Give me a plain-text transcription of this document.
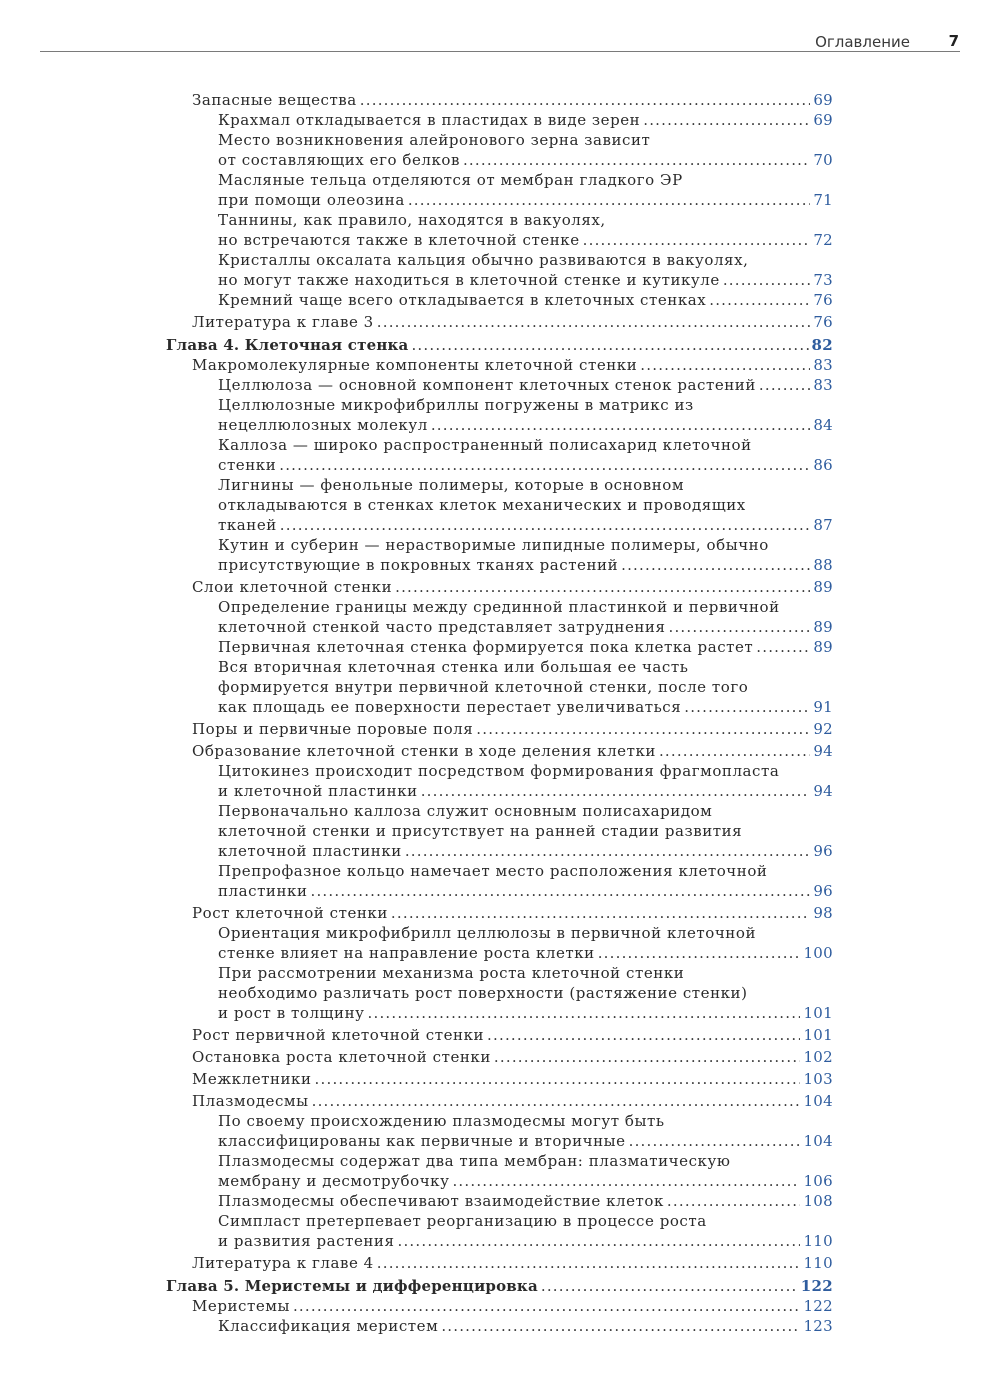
Оглавление	7
Запасные вещества .....	69
Крахмал откладывается в пластидах в виде зерен .....	69
Место возникновения алейронового зерна зависит
от составляющих его белков .....	70
Масляные тельца отделяются от мембран гладкого ЭР
при помощи олеозина .....	71
Таннины, как правило, находятся в вакуолях,
но встречаются также в клеточной стенке .....	72
Кристаллы оксалата кальция обычно развиваются в вакуолях,
но могут также находиться в клеточной стенке и кутикуле .....	73
Кремний чаще всего откладывается в клеточных стенках .....	76
Литература к главе 3 .....	76
Глава 4. Клеточная стенка .....	82
Макромолекулярные компоненты клеточной стенки .....	83
Целлюлоза — основной компонент клеточных стенок растений .....	83
Целлюлозные микрофибриллы погружены в матрикс из
нецеллюлозных молекул .....	84
Каллоза — широко распространенный полисахарид клеточной
стенки .....	86
Лигнины — фенольные полимеры, которые в основном
откладываются в стенках клеток механических и проводящих
тканей .....	87
Кутин и суберин — нерастворимые липидные полимеры, обычно
присутствующие в покровных тканях растений .....	88
Слои клеточной стенки .....	89
Определение границы между срединной пластинкой и первичной
клеточной стенкой часто представляет затруднения .....	89
Первичная клеточная стенка формируется пока клетка растет .....	89
Вся вторичная клеточная стенка или большая ее часть
формируется внутри первичной клеточной стенки, после того
как площадь ее поверхности перестает увеличиваться .....	91
Поры и первичные поровые поля .....	92
Образование клеточной стенки в ходе деления клетки .....	94
Цитокинез происходит посредством формирования фрагмопласта
и клеточной пластинки .....	94
Первоначально каллоза служит основным полисахаридом
клеточной стенки и присутствует на ранней стадии развития
клеточной пластинки .....	96
Препрофазное кольцо намечает место расположения клеточной
пластинки .....	96
Рост клеточной стенки .....	98
Ориентация микрофибрилл целлюлозы в первичной клеточной
стенке влияет на направление роста клетки .....	100
При рассмотрении механизма роста клеточной стенки
необходимо различать рост поверхности (растяжение стенки)
и рост в толщину .....	101
Рост первичной клеточной стенки .....	101
Остановка роста клеточной стенки .....	102
Межклетники .....	103
Плазмодесмы .....	104
По своему происхождению плазмодесмы могут быть
классифицированы как первичные и вторичные .....	104
Плазмодесмы содержат два типа мембран: плазматическую
мембрану и десмотрубочку .....	106
Плазмодесмы обеспечивают взаимодействие клеток .....	108
Симпласт претерпевает реорганизацию в процессе роста
и развития растения .....	110
Литература к главе 4 .....	110
Глава 5. Меристемы и дифференцировка .....	122
Меристемы .....	122
Классификация меристем .....	123
